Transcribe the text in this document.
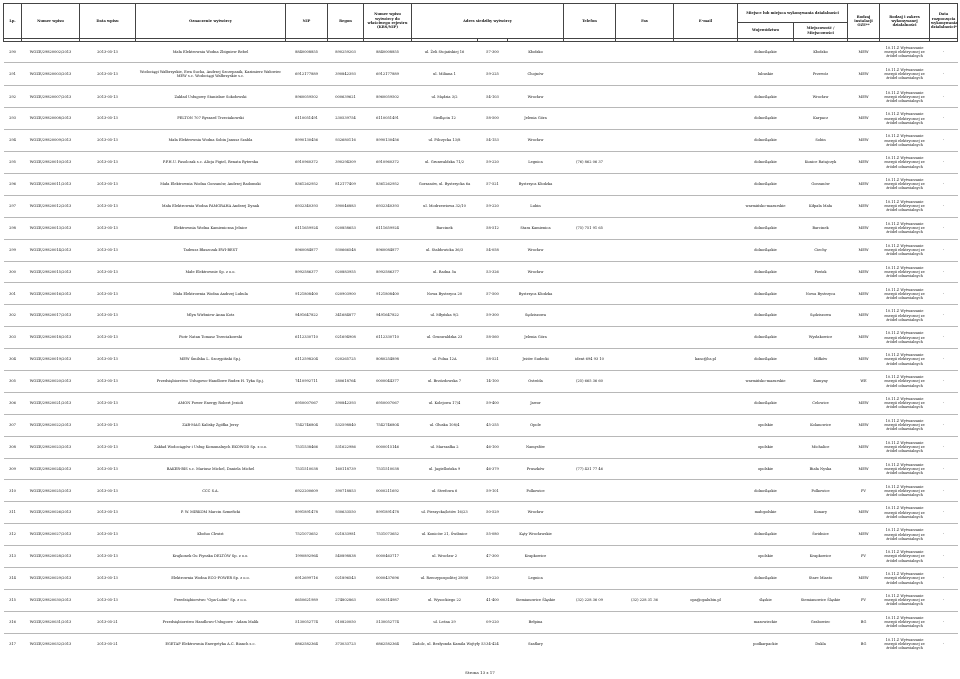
Lp.	Numer wpisu	Data wpisu	Oznaczenie wytwórcy	NIP	Regon	Numer wpisu wytwórcy do właściwego rejestru (KRS/NIP)	Adres siedziby wytwórcy			Telefon	Fax	E-mail	Miejsce lub miejsca wykonywania działalności		Rodzaj instalacji OZE**	Rodzaj i zakres wykonywanej działalności	Data rozpoczęcia wykonywania działalności*
													Województwo	Miejscowość / Miejscowości			

290	WOZE/29820002/2013	2013-05-13	Mała Elektrownia Wodna Zbigniew Rebel	8840008855	890259203	8840008855	ul. Żeli Stojańskiej 16	57-300	Kłodzko				dolnośląskie	Kłodzko	MEW	10.11.Z Wytwarzanie energii elektrycznej ze źródeł odnawialnych	-
291	WOZE/29820003/2013	2013-05-13	Wodociągi Wałbrzyskie, Ewa Sucha, Andrzej Szczepanik, Kazimierz Wałowiec MEW s.c. Wodociągi Wałbrzyskie s.c.	6912177889	390842393	6912177889	ul. Miliana 1	59-225	Chojnów				lubuskie	Przewóz	MEW	10.11.Z Wytwarzanie energii elektrycznej ze źródeł odnawialnych	-
292	WOZE/29820007/2013	2013-05-13	Zakład Usługowy Stanisław Sokołowski	8960059502	000639621	8960059502	ul. Mędzia 3/2	54-103	Wrocław				dolnośląskie	Wrocław	MEW	10.11.Z Wytwarzanie energii elektrycznej ze źródeł odnawialnych	-
293	WOZE/29820008/2013	2013-05-13	PELTON 707 Ryszard Trzeciakowski	6110051491	230539754	6110051491	Siedlęcin 12	58-500	Jelenia Góra				dolnośląskie	Karpacz	MEW	10.11.Z Wytwarzanie energii elektrycznej ze źródeł odnawialnych	-
294	WOZE/29820009/2013	2013-05-13	Mała Elektrownia Wodna Sobin Janusz Szabla	8990130456	932680116	8990130456	ul. Pilczycka 13/8	54-153	Wrocław				dolnośląskie	Sobin	MEW	10.11.Z Wytwarzanie energii elektrycznej ze źródeł odnawialnych	-
295	WOZE/29820010/2013	2013-05-13	P.P.H.U. Fasolczak s.c. Alicja Figiel, Renata Ryterska	6910960372	390294309	6910960372	ul. Grunwaldzka 71/2	59-220	Legnica	(76) 862 06 37			dolnośląskie	Kunice Ratajczyk	MEW	10.11.Z Wytwarzanie energii elektrycznej ze źródeł odnawialnych	-
296	WOZE/29820011/2013	2013-05-13	Mała Elektrownia Wodna Gorzanów, Andrzej Radomski	8361262952	812177409	8361262952	Gorzanów, ul. Bystrzycka 6a	57-521	Bystrzyca Kłodzka				dolnośląskie	Gorzanów	MEW	10.11.Z Wytwarzanie energii elektrycznej ze źródeł odnawialnych	-
297	WOZE/29820012/2013	2013-05-13	Mała Elektrownia Wodna PAMGRAHA Andrzej Dynak	6932340393	390046883	6932340393	ul. Modrzewiowa 32/10	59-220	Lubin				warmińsko-mazurskie	Kiłpała Mała	MEW	10.11.Z Wytwarzanie energii elektrycznej ze źródeł odnawialnych	-
298	WOZE/29820013/2013	2013-05-13	Elektrownia Wodna Kamieniczna Jelnice	6111659924	020858653	6111659924	Barcinek	58-512	Stara Kamienica	(75) 751 91 65			dolnośląskie	Barcinek	MEW	10.11.Z Wytwarzanie energii elektrycznej ze źródeł odnawialnych	-
299	WOZE/29820014/2013	2013-05-13	Tadeusz Błaszczak EWI-BEST	8960084877	930666548	8960084877	ul. Stabłowicka 36/3	54-058	Wrocław				dolnośląskie	Ciechy	MEW	10.11.Z Wytwarzanie energii elektrycznej ze źródeł odnawialnych	-
300	WOZE/29820015/2013	2013-05-13	Małe Elektrownie Sp. z o.o.	8992586377	020883955	8992586377	ul. Radna 5a	53-326	Wrocław				dolnośląskie	Pieńsk	MEW	10.11.Z Wytwarzanie energii elektrycznej ze źródeł odnawialnych	-
301	WOZE/29820016/2013	2013-05-13	Mała Elektrownia Wodna Andrzej Lubula	9121808400	020903900	9121808400	Nowa Bystrzyca 20	57-500	Bystrzyca Kłodzka				dolnośląskie	Nowa Bystrzyca	MEW	10.11.Z Wytwarzanie energii elektrycznej ze źródeł odnawialnych	-
302	WOZE/29820017/2013	2013-05-13	Mlyn Wirbniew Anna Kotz	9491647822	341684877	9491647822	ul. Młyńska 9/2	59-300	Sędziszowa				dolnośląskie	Sędziszowa	MEW	10.11.Z Wytwarzanie energii elektrycznej ze źródeł odnawialnych	-
303	WOZE/29820018/2013	2013-05-13	Piotr Natan Tomasz Trzeciakowski	6112330710	021694908	6112330710	ul. Grunwaldzka 23	58-560	Jelenia Góra				dolnośląskie	Wysłakowice	MEW	10.11.Z Wytwarzanie energii elektrycznej ze źródeł odnawialnych	-
304	WOZE/29820019/2013	2013-05-13	MEW Śmilska L. Szczypiński Sp.j.	6112598204	020265725	8080254898	ul. Polna 12A	58-521	Jeżów Sudecki	ident 694 93 10		kanc@hs.pl	dolnośląskie	Miłków	MEW	10.11.Z Wytwarzanie energii elektrycznej ze źródeł odnawialnych	-
305	WOZE/29820020/2013	2013-05-13	Przedsiębiorstwo Usługowo-Handlowe Rudex H. Tyka Sp.j.	7410992711	280618764	0000044377	ul. Brzózdowska 7	14-100	Ostróda	(25) 665 36 60			warmińsko-mazurskie	Kamyny	WE	10.11.Z Wytwarzanie energii elektrycznej ze źródeł odnawialnych	-
306	WOZE/29820021/2013	2013-05-13	AMON Power Energy Robert Jezioli	6950007067	390842393	6950007067	ul. Kolejowa 17/4	59-400	Jawor				dolnośląskie	Celowice	MEW	10.11.Z Wytwarzanie energii elektrycznej ze źródeł odnawialnych	-
307	WOZE/29820022/2013	2013-05-13	ZAB-MAG Kalisky Zgółka Jerzy	7542746804	532598840	7542746804	ul. Głuska 108/4	45-255	Opole				opolskie	Kolanowice	MEW	10.11.Z Wytwarzanie energii elektrycznej ze źródeł odnawialnych	-
308	WOZE/29820023/2013	2013-05-13	Zakład Wodociągów i Usług Komunalnych EKOWOD Sp. z o.o.	7531538466	531622986	0000015146	ul. Marszałka 2	46-100	Namysłów				opolskie	Michalice	MEW	10.11.Z Wytwarzanie energii elektrycznej ze źródeł odnawialnych	-
309	WOZE/29820024/2013	2013-05-13	BAKER-BIS s.c. Mariusz Michel, Daniela Michel	7531510038	160118739	7531510038	ul. Jagiellońska 9	46-379	Pruszków	(77) 431 77 46			opolskie	Biała Nyska	MEW	10.11.Z Wytwarzanie energii elektrycznej ze źródeł odnawialnych	-
310	WOZE/29820025/2013	2013-05-13	CCC S.A.	6922200609	390718853	0000211692	ul. Strefowa 6	59-101	Polkowice				dolnośląskie	Polkowice	PV	10.11.Z Wytwarzanie energii elektrycznej ze źródeł odnawialnych	-
311	WOZE/29820026/2013	2013-05-13	P. W. MIRKOM Marcin Szmeficki	8991891478	930633550	8991891478	ul. Pieszycka/lotów 16/23	50-529	Wrocław				małopolskie	Konary	MEW	10.11.Z Wytwarzanie energii elektrycznej ze źródeł odnawialnych	-
312	WOZE/29820027/2013	2013-05-13	Kłoduo Chwist	7521073652	021833981	7531073652	ul. Koniców 21, Świbnice	55-080	Kąty Wrocławskie				dolnośląskie	Świdnice	MEW	10.11.Z Wytwarzanie energii elektrycznej ze źródeł odnawialnych	-
313	WOZE/29820028/2013	2013-05-13	Krajkonek Gu Fiynska DELTÓW Sp. z o.o.	1990892964	540898838	0000463717	ul. Wrocław 2	47-300	Krapkowice				opolskie	Krapkowice	PV	10.11.Z Wytwarzanie energii elektrycznej ze źródeł odnawialnych	-
314	WOZE/29820029/2013	2013-05-13	Elektrownia Wodna ECO-POWER Sp. z o.o.	6912699716	021896543	0000437696	ul. Rzeczypospolitej 280/6	59-220	Legnica				dolnośląskie	Stare Miasto	MEW	10.11.Z Wytwarzanie energii elektrycznej ze źródeł odnawialnych	-
315	WOZE/29820030/2013	2013-05-13	Przedsiębiorstwo "Opa-Lubin" Sp. z o.o.	6650621989	274802863	0000314987	ul. Wysockiego 22	41-400	Siemianowice Śląskie	(32) 228 36 09	(32) 228 31 36	opa@opalubin.pl	śląskie	Siemianowice Śląskie	PV	10.11.Z Wytwarzanie energii elektrycznej ze źródeł odnawialnych	-
316	WOZE/29820031/2013	2013-05-21	Przedsiębiorstwo Handlowo-Usługowe - Adam Malik	5130052774	010820050	5130052774	ul. Leśna 29	09-220	Bełpina				mazowieckie	Grabowiec	BG	10.11.Z Wytwarzanie energii elektrycznej ze źródeł odnawialnych	-
317	WOZE/29820032/2013	2013-05-21	EGETAP Elektrownia Energetyka A.C. Bianch s.c.	6862582364	373033723	6862582364	Zadolc, ul. Bezłyonda Kamila Wojtyły 53	34-424	Szaflary				podkarpackie	Dukla	BG	10.11.Z Wytwarzanie energii elektrycznej ze źródeł odnawialnych	-
Strona 13 z 17
